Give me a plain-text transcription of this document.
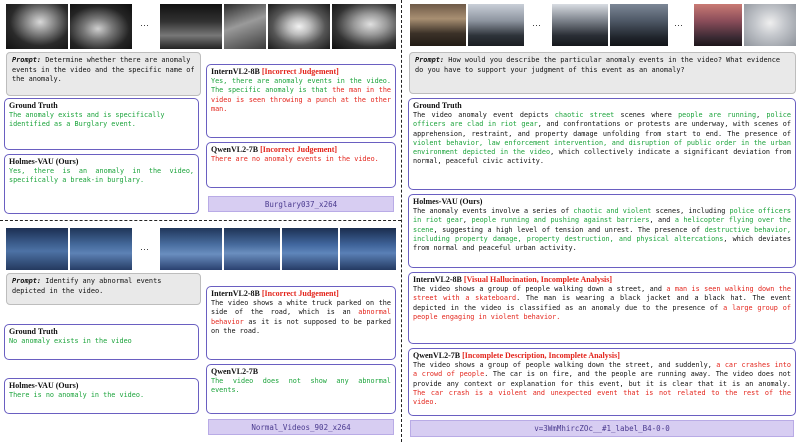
···
Prompt: Determine whether there are anomaly events in the video and the specific name of the anomaly.
Ground Truth
The anomaly exists and is specifically identified as a Burglary event.
Holmes-VAU (Ours)
Yes, there is an anomaly in the video, specifically a break-in burglary.
InternVL2-8B [Incorrect Judgement]
Yes, there are anomaly events in the video. The specific anomaly is that the man in the video is seen throwing a punch at the other man.
QwenVL2-7B [Incorrect Judgement]
There are no anomaly events in the video.
Burglary037_x264
···
Prompt: Identify any abnormal events depicted in the video.
Ground Truth
No anomaly exists in the video
Holmes-VAU (Ours)
There is no anomaly in the video.
InternVL2-8B [Incorrect Judgement]
The video shows a white truck parked on the side of the road, which is an abnormal behavior as it is not supposed to be parked on the road.
QwenVL2-7B
The video does not show any abnormal events.
Normal_Videos_902_x264
···	···
Prompt: How would you describe the particular anomaly events in the video? What evidence do you have to support your judgment of this event as an anomaly?
Ground Truth
The video anomaly event depicts chaotic street scenes where people are running, police officers are clad in riot gear, and confrontations or protests are underway, with scenes of apprehension, restraint, and property damage unfolding from start to end. The presence of violent behavior, law enforcement intervention, and disruption of public order in the urban environment depicted in the video, which collectively indicate a significant deviation from normal, peaceful civic activity.
Holmes-VAU (Ours)
The anomaly events involve a series of chaotic and violent scenes, including police officers in riot gear, people running and pushing against barriers, and a helicopter flying over the scene, suggesting a high level of tension and unrest. The presence of destructive behavior, including property damage, property destruction, and physical altercations, which deviates from normal and peaceful urban activity.
InternVL2-8B [Visual Hallucination, Incomplete Analysis]
The video shows a group of people walking down a street, and a man is seen walking down the street with a skateboard. The man is wearing a black jacket and a black hat. The event depicted in the video is classified as an anomaly due to the presence of a large group of people engaging in violent behavior.
QwenVL2-7B [Incomplete Description, Incomplete Analysis]
The video shows a group of people walking down the street, and suddenly, a car crashes into a crowd of people. The car is on fire, and the people are running away. The video does not provide any context or explanation for this event, but it is clear that it is an anomaly. The car crash is a violent and unexpected event that is not related to the rest of the video.
v=3WmMhircZOc__#1_label_B4-0-0
